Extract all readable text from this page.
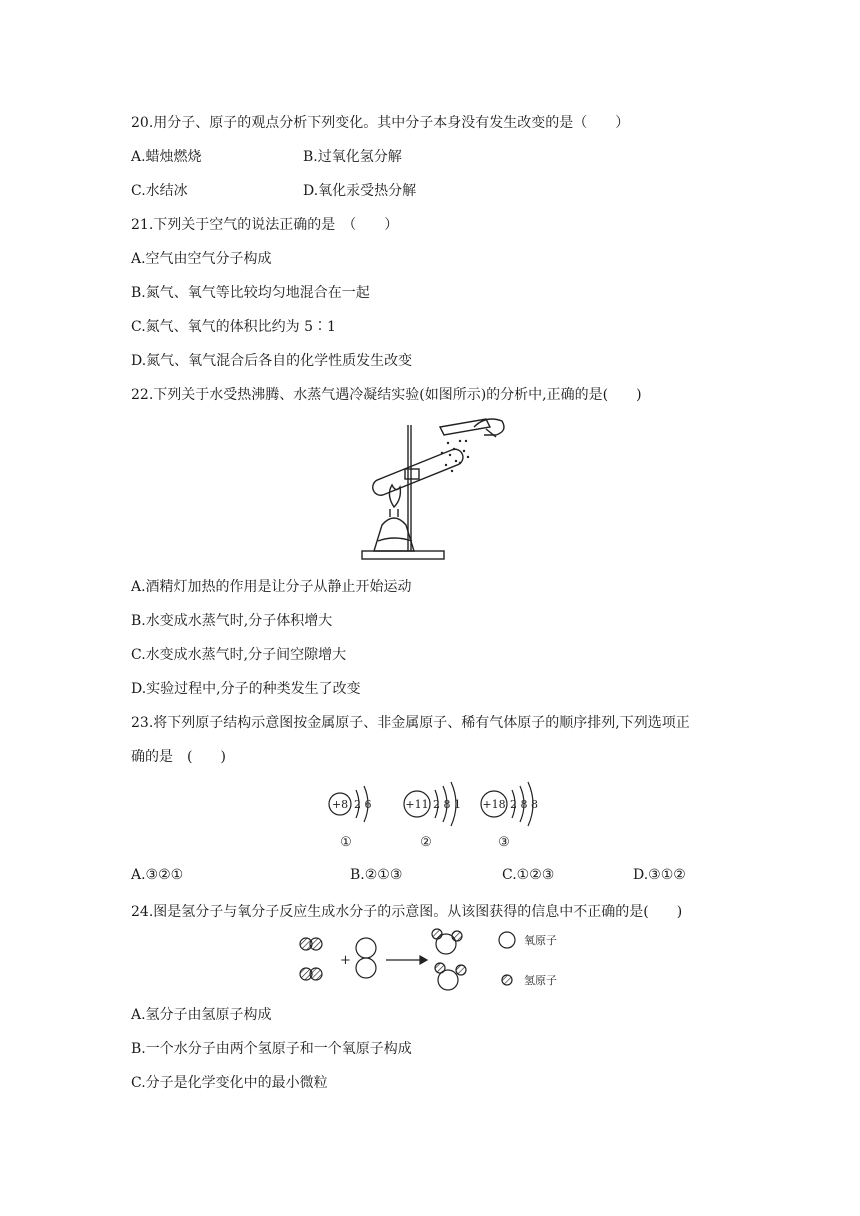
20.用分子、原子的观点分析下列变化。其中分子本身没有发生改变的是（　　）
A.蜡烛燃烧	B.过氧化氢分解
C.水结冰	D.氧化汞受热分解
21.下列关于空气的说法正确的是　（　　）
A.空气由空气分子构成
B.氮气、氧气等比较均匀地混合在一起
C.氮气、氧气的体积比约为 5∶1
D.氮气、氧气混合后各自的化学性质发生改变
22.下列关于水受热沸腾、水蒸气遇冷凝结实验(如图所示)的分析中,正确的是(　　)
A.酒精灯加热的作用是让分子从静止开始运动
B.水变成水蒸气时,分子体积增大
C.水变成水蒸气时,分子间空隙增大
D.实验过程中,分子的种类发生了改变
23.将下列原子结构示意图按金属原子、非金属原子、稀有气体原子的顺序排列,下列选项正
确的是　(　　)
+8 2 6	+11 2 8 1 +18 2 8 8
①	②	③
A.③②①	B.②①③	C.①②③	D.③①②
24.图是氢分子与氧分子反应生成水分子的示意图。从该图获得的信息中不正确的是(　　)
+
氧原子
氢原子
A.氢分子由氢原子构成
B.一个水分子由两个氢原子和一个氧原子构成
C.分子是化学变化中的最小微粒
